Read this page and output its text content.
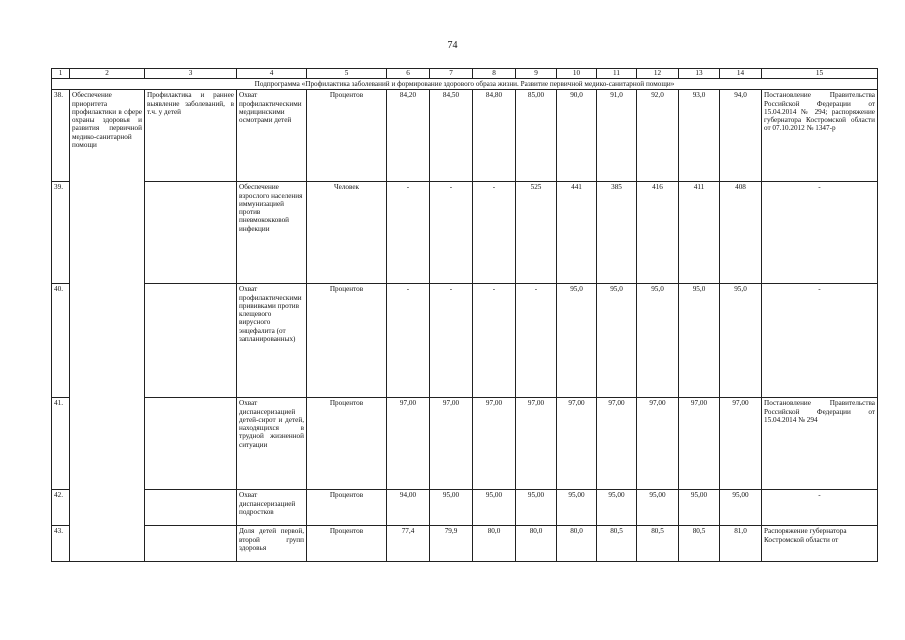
74
1	2	3	4	5	6	7	8	9	10	11	12	13	14	15
Подпрограмма «Профилактика заболеваний и формирование здорового образа жизни. Развитие первичной медико-санитарной помощи»														
38.	Обеспечение приоритета профилактики в сфере охраны здоровья и развития первичной медико-санитарной помощи	Профилактика и раннее выявление заболеваний, в т.ч. у детей	Охват профилактическими медицинскими осмотрами детей	Процентов	84,20	84,50	84,80	85,00	90,0	91,0	92,0	93,0	94,0	Постановление Правительства Российской Федерации от 15.04.2014 № 294; распоряжение губернатора Костромской области от 07.10.2012 № 1347-р
39.			Обеспечение взрослого населения иммунизацией против пневмококковой инфекции	Человек	-	-	-	525	441	385	416	411	408	-
40.			Охват профилактическими прививками против клещевого вирусного энцефалита (от запланированных)	Процентов	-	-	-	-	95,0	95,0	95,0	95,0	95,0	-
41.			Охват диспансеризацией детей-сирот и детей, находящихся в трудной жизненной ситуации	Процентов	97,00	97,00	97,00	97,00	97,00	97,00	97,00	97,00	97,00	Постановление Правительства Российской Федерации от 15.04.2014 № 294
42.			Охват диспансеризацией подростков	Процентов	94,00	95,00	95,00	95,00	95,00	95,00	95,00	95,00	95,00	-
43.			Доля детей первой, второй групп здоровья	Процентов	77,4	79,9	80,0	80,0	80,0	80,5	80,5	80,5	81,0	Распоряжение губернатора Костромской области от
